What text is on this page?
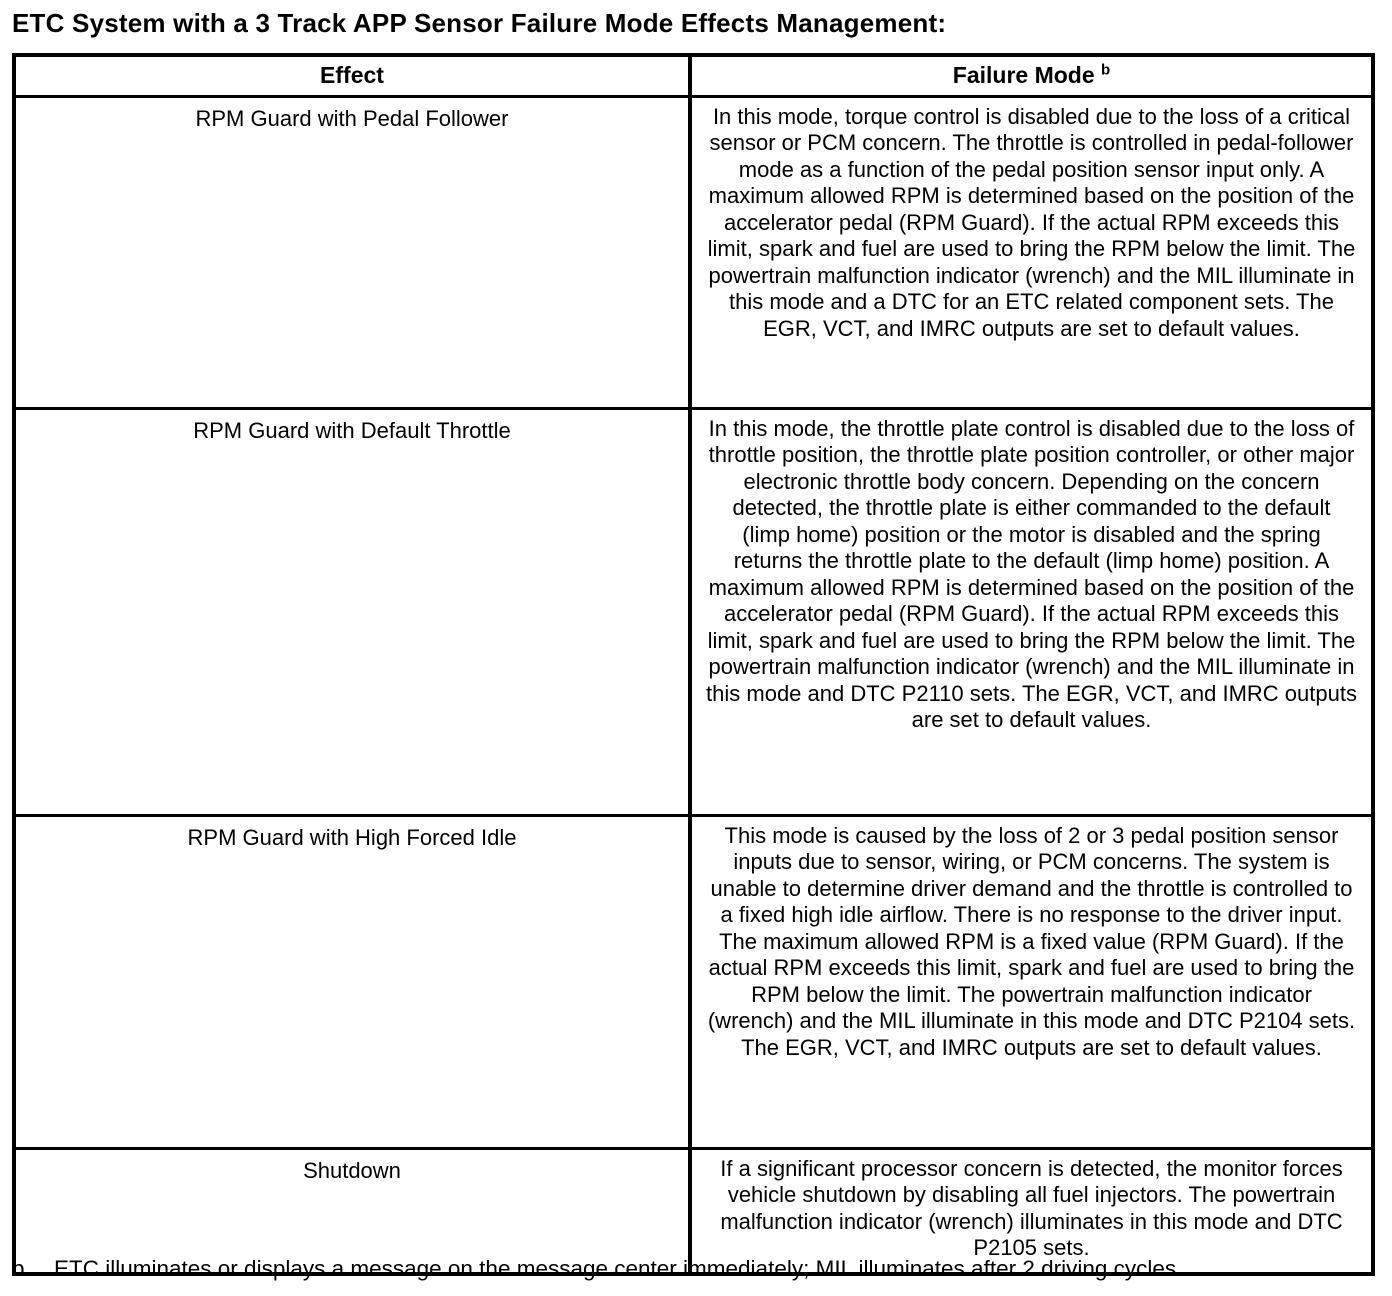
ETC System with a 3 Track APP Sensor Failure Mode Effects Management:
Effect	Failure Mode $^b$
RPM Guard with Pedal Follower	In this mode, torque control is disabled due to the loss of a critical sensor or PCM concern. The throttle is controlled in pedal-follower mode as a function of the pedal position sensor input only. A maximum allowed RPM is determined based on the position of the accelerator pedal (RPM Guard). If the actual RPM exceeds this limit, spark and fuel are used to bring the RPM below the limit. The powertrain malfunction indicator (wrench) and the MIL illuminate in this mode and a DTC for an ETC related component sets. The EGR, VCT, and IMRC outputs are set to default values.
RPM Guard with Default Throttle	In this mode, the throttle plate control is disabled due to the loss of throttle position, the throttle plate position controller, or other major electronic throttle body concern. Depending on the concern detected, the throttle plate is either commanded to the default (limp home) position or the motor is disabled and the spring returns the throttle plate to the default (limp home) position. A maximum allowed RPM is determined based on the position of the accelerator pedal (RPM Guard). If the actual RPM exceeds this limit, spark and fuel are used to bring the RPM below the limit. The powertrain malfunction indicator (wrench) and the MIL illuminate in this mode and DTC P2110 sets. The EGR, VCT, and IMRC outputs are set to default values.
RPM Guard with High Forced Idle	This mode is caused by the loss of 2 or 3 pedal position sensor inputs due to sensor, wiring, or PCM concerns. The system is unable to determine driver demand and the throttle is controlled to a fixed high idle airflow. There is no response to the driver input. The maximum allowed RPM is a fixed value (RPM Guard). If the actual RPM exceeds this limit, spark and fuel are used to bring the RPM below the limit. The powertrain malfunction indicator (wrench) and the MIL illuminate in this mode and DTC P2104 sets. The EGR, VCT, and IMRC outputs are set to default values.
Shutdown	If a significant processor concern is detected, the monitor forces vehicle shutdown by disabling all fuel injectors. The powertrain malfunction indicator (wrench) illuminates in this mode and DTC P2105 sets.
b	ETC illuminates or displays a message on the message center immediately; MIL illuminates after 2 driving cycles
